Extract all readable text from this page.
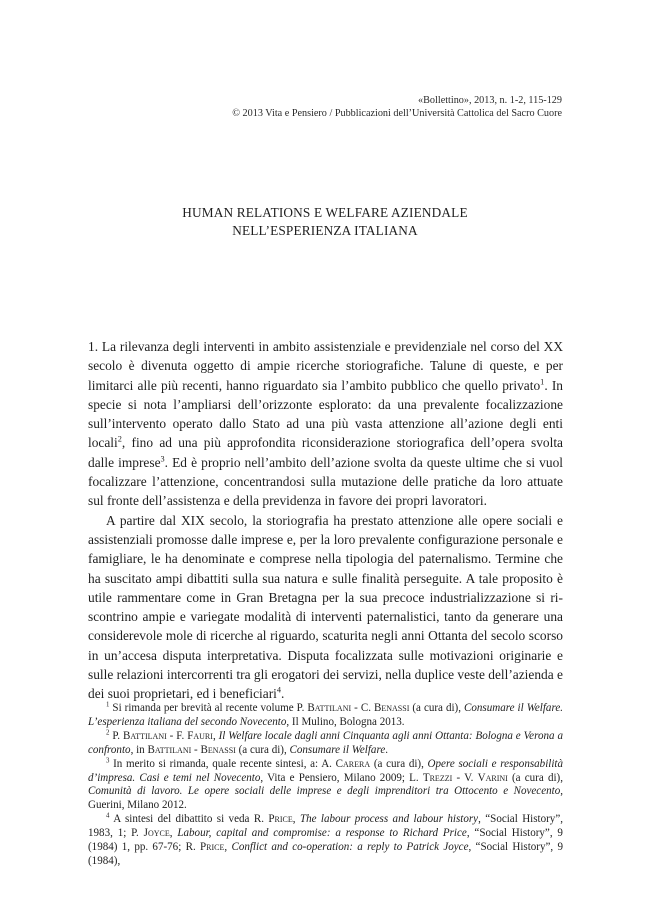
«Bollettino», 2013, n. 1-2, 115-129
© 2013 Vita e Pensiero / Pubblicazioni dell’Università Cattolica del Sacro Cuore
HUMAN RELATIONS E WELFARE AZIENDALE
NELL’ESPERIENZA ITALIANA

1. La rilevanza degli interventi in ambito assistenziale e previdenziale nel corso del XX secolo è divenuta oggetto di ampie ricerche storiografiche. Talune di queste, e per limitarci alle più recenti, hanno riguardato sia l’ambito pubblico che quello privato$^1$. In specie si nota l’ampliarsi dell’orizzonte esplorato: da una prevalente focalizzazione sull’intervento operato dallo Stato ad una più vasta attenzione all’azione degli enti locali$^2$, fino ad una più approfondita riconsiderazione storiografica dell’opera svolta dalle imprese$^3$. Ed è proprio nell’ambito dell’azione svolta da queste ultime che si vuol focalizzare l’attenzione, concentrandosi sulla mutazione delle pratiche da loro attuate sul fronte dell’assistenza e della previdenza in favore dei propri lavoratori.

A partire dal XIX secolo, la storiografia ha prestato attenzione alle opere sociali e assistenziali promosse dalle imprese e, per la loro prevalente configurazione personale e famigliare, le ha denominate e comprese nella tipologia del paternalismo. Termine che ha suscitato ampi dibattiti sulla sua natura e sulle finalità perseguite. A tale proposito è utile rammentare come in Gran Bretagna per la sua precoce industrializzazione si riscontrino ampie e variegate modalità di interventi paternalistici, tanto da generare una considerevole mole di ricerche al riguardo, scaturita negli anni Ottanta del secolo scorso in un’accesa disputa interpretativa. Disputa focalizzata sulle motivazioni originarie e sulle relazioni intercorrenti tra gli erogatori dei servizi, nella duplice veste dell’azienda e dei suoi proprietari, ed i beneficiari$^4$.

$^1$ Si rimanda per brevità al recente volume P. Battilani - C. Benassi (a cura di), Consumare il Welfare. L’esperienza italiana del secondo Novecento, Il Mulino, Bologna 2013.

$^2$ P. Battilani - F. Fauri, Il Welfare locale dagli anni Cinquanta agli anni Ottanta: Bologna e Verona a confronto, in Battilani - Benassi (a cura di), Consumare il Welfare.

$^3$ In merito si rimanda, quale recente sintesi, a: A. Carera (a cura di), Opere sociali e responsabilità d’impresa. Casi e temi nel Novecento, Vita e Pensiero, Milano 2009; L. Trezzi - V. Varini (a cura di), Comunità di lavoro. Le opere sociali delle imprese e degli imprenditori tra Ottocento e Novecento, Guerini, Milano 2012.

$^4$ A sintesi del dibattito si veda R. Price, The labour process and labour history, “Social History”, 1983, 1; P. Joyce, Labour, capital and compromise: a response to Richard Price, “Social History”, 9 (1984) 1, pp. 67-76; R. Price, Conflict and co-operation: a reply to Patrick Joyce, “Social History”, 9 (1984),
